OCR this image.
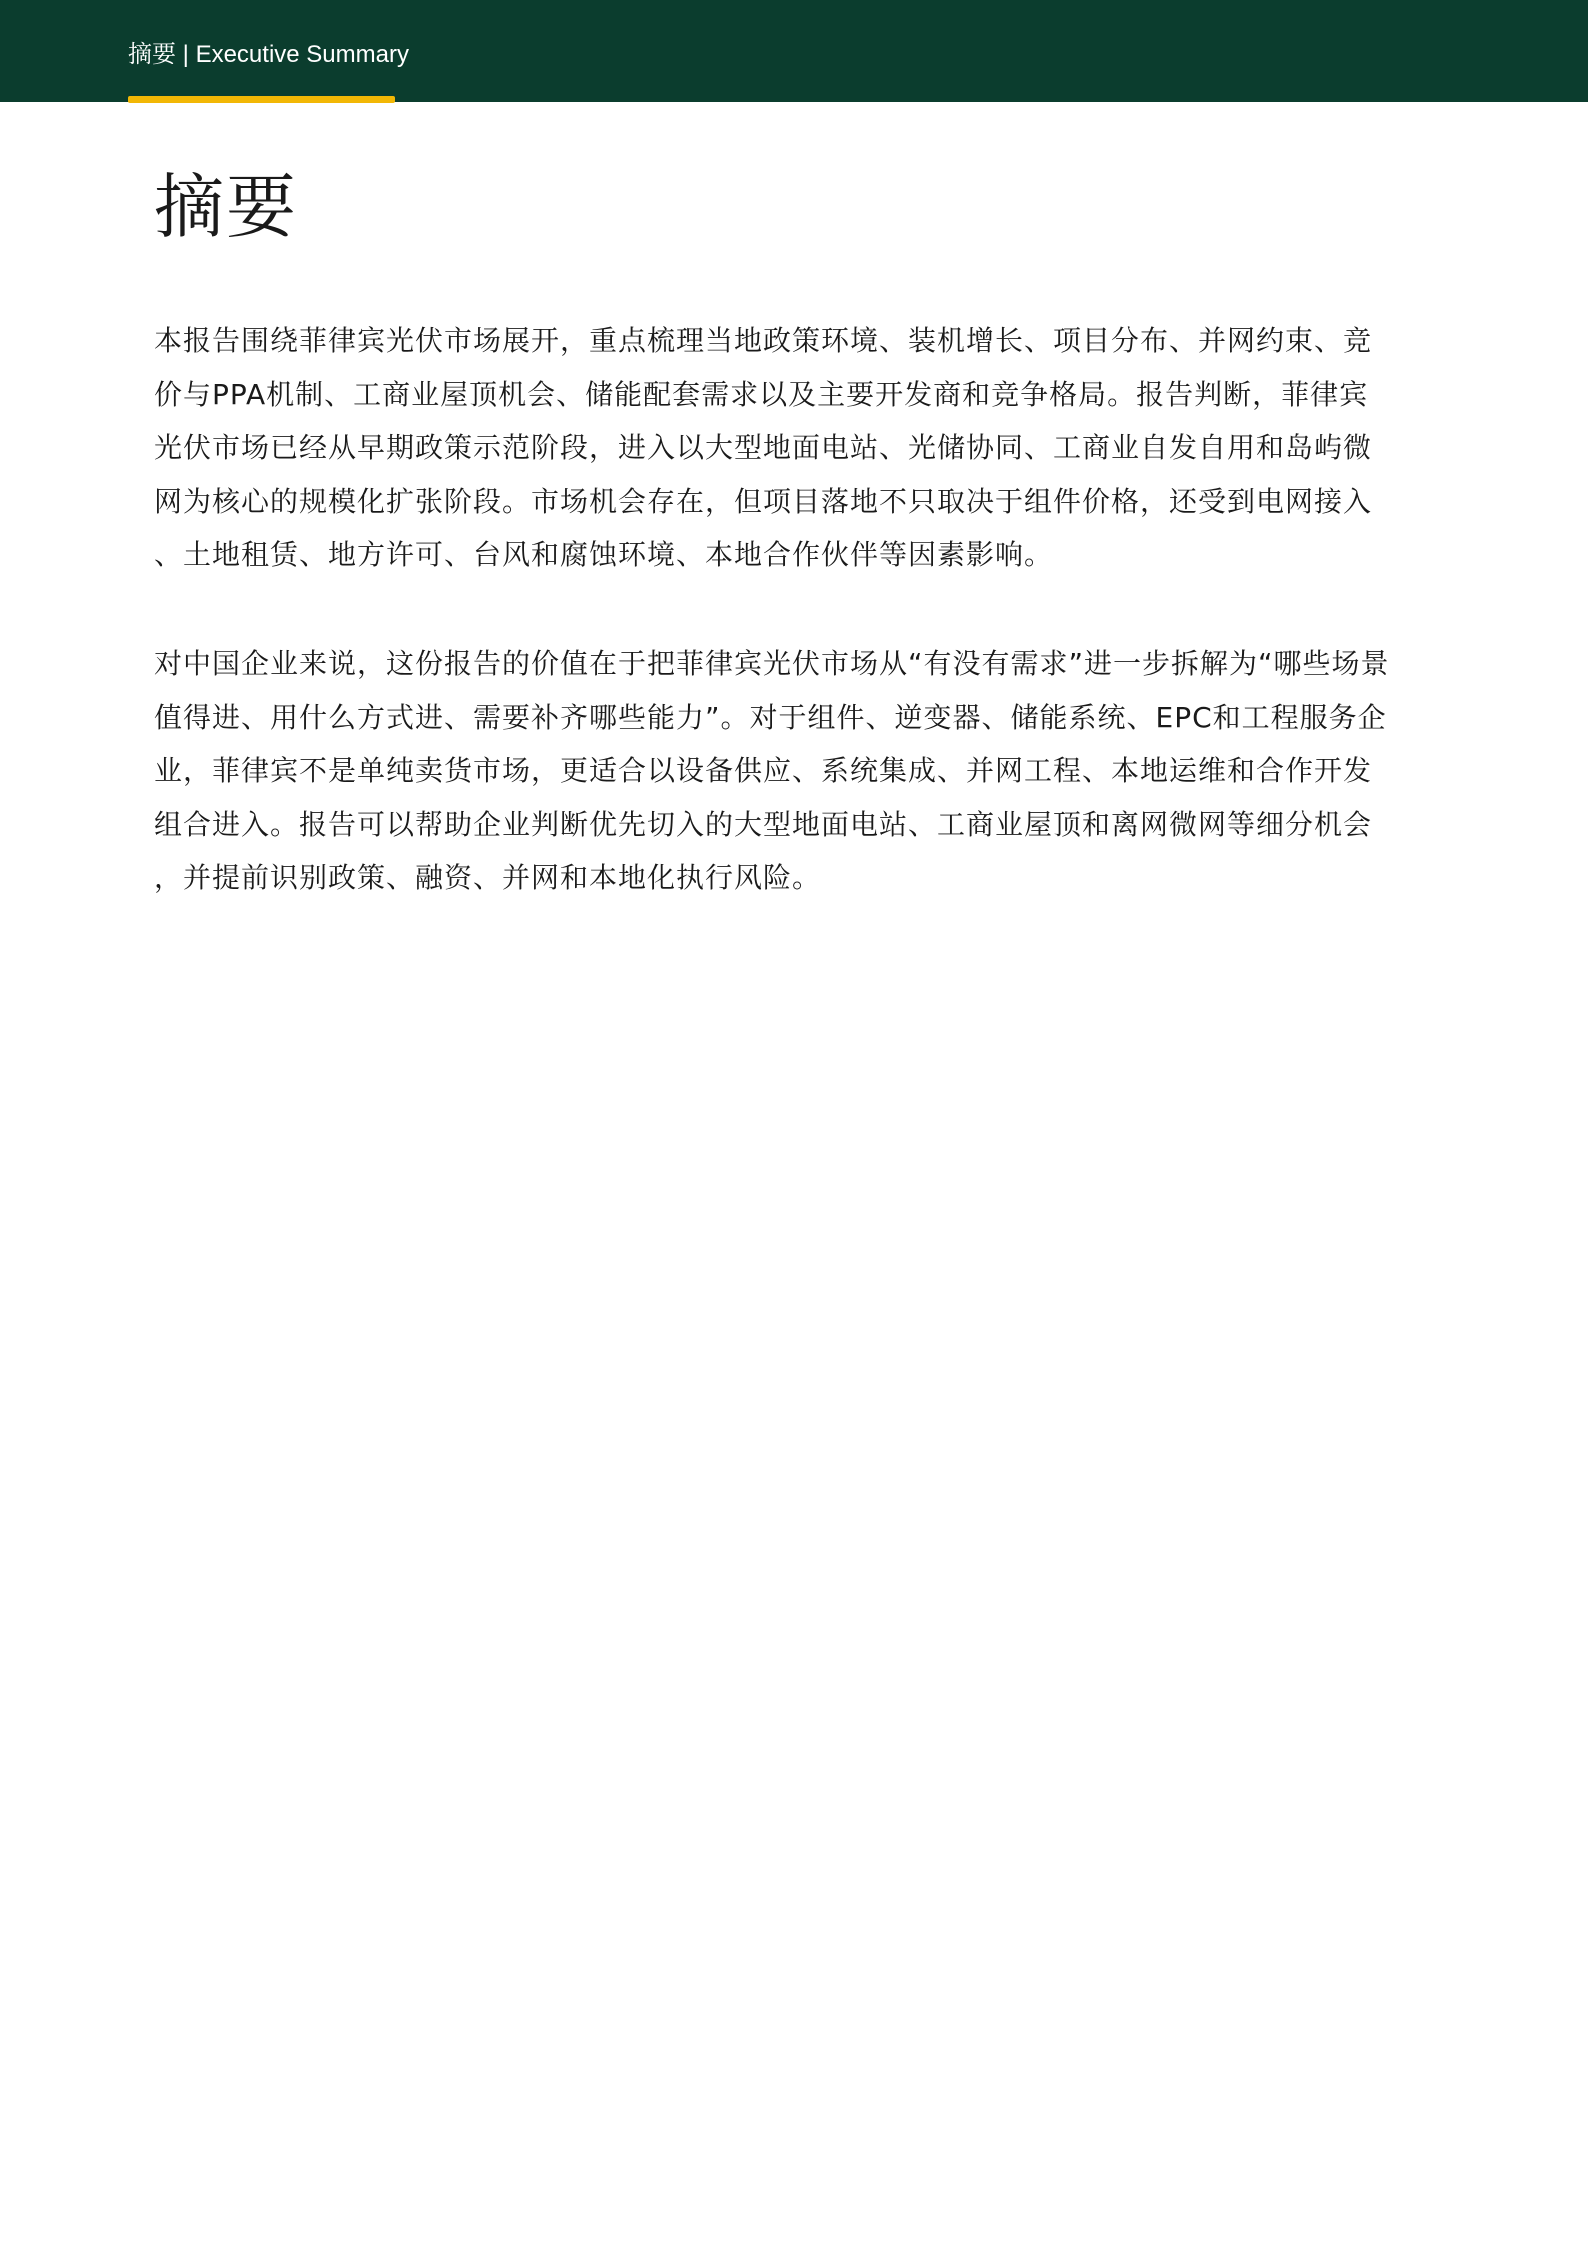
摘要 | Executive Summary
摘要

本报告围绕菲律宾光伏市场展开，重点梳理当地政策环境、装机增长、项目分布、并网约束、竞
价与PPA机制、工商业屋顶机会、储能配套需求以及主要开发商和竞争格局。报告判断，菲律宾
光伏市场已经从早期政策示范阶段，进入以大型地面电站、光储协同、工商业自发自用和岛屿微
网为核心的规模化扩张阶段。市场机会存在，但项目落地不只取决于组件价格，还受到电网接入
、土地租赁、地方许可、台风和腐蚀环境、本地合作伙伴等因素影响。

对中国企业来说，这份报告的价值在于把菲律宾光伏市场从“有没有需求”进一步拆解为“哪些场景
值得进、用什么方式进、需要补齐哪些能力”。对于组件、逆变器、储能系统、EPC和工程服务企
业，菲律宾不是单纯卖货市场，更适合以设备供应、系统集成、并网工程、本地运维和合作开发
组合进入。报告可以帮助企业判断优先切入的大型地面电站、工商业屋顶和离网微网等细分机会
，并提前识别政策、融资、并网和本地化执行风险。
